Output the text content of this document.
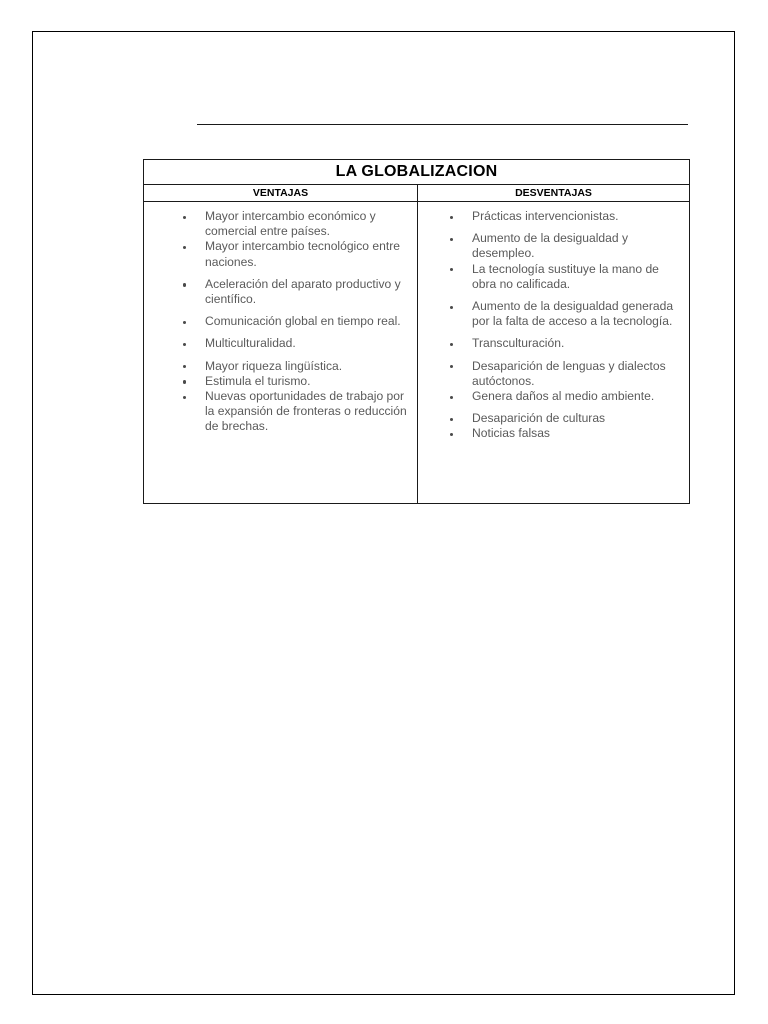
LA GLOBALIZACION
VENTAJAS	DESVENTAJAS
Mayor intercambio económico y comercial entre países.
Mayor intercambio tecnológico entre naciones.
Aceleración del aparato productivo y científico.
Comunicación global en tiempo real.
Multiculturalidad.
Mayor riqueza lingüística.
Estimula el turismo.
Nuevas oportunidades de trabajo por la expansión de fronteras o reducción de brechas.
Prácticas intervencionistas.
Aumento de la desigualdad y desempleo.
La tecnología sustituye la mano de obra no calificada.
Aumento de la desigualdad generada por la falta de acceso a la tecnología.
Transculturación.
Desaparición de lenguas y dialectos autóctonos.
Genera daños al medio ambiente.
Desaparición de culturas
Noticias falsas
